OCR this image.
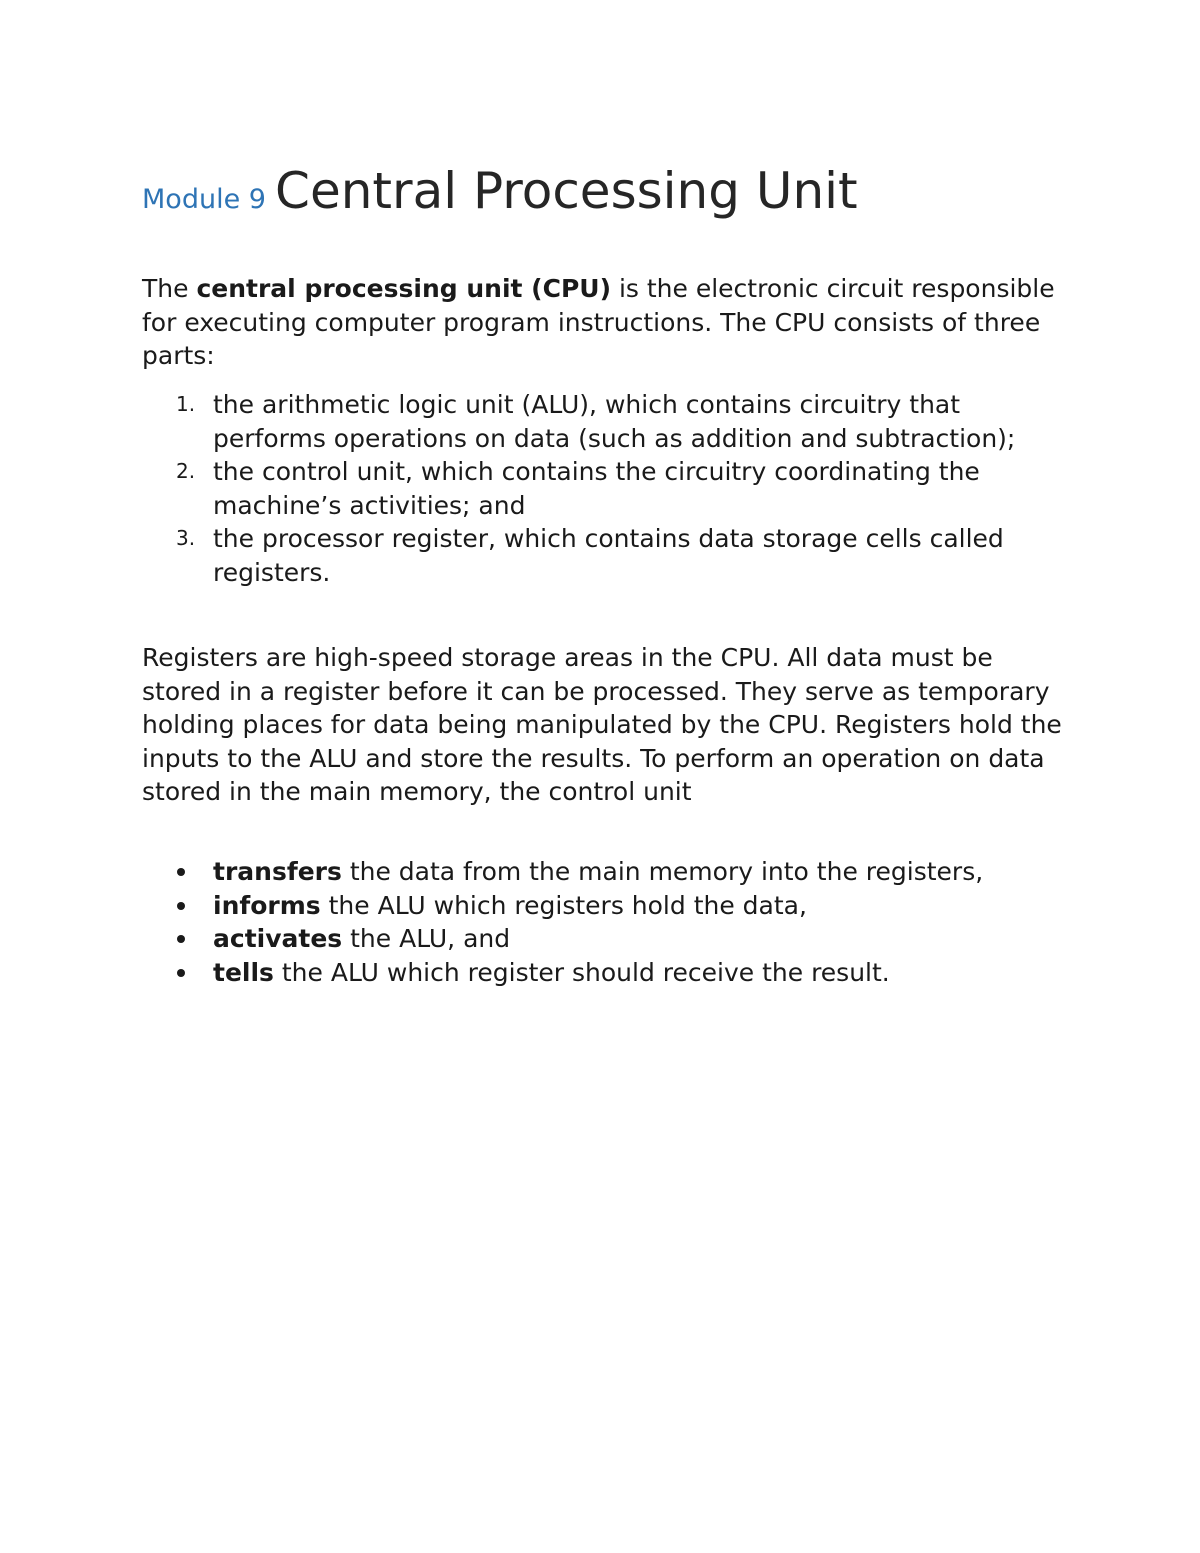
Module 9 Central Processing Unit
The central processing unit (CPU) is the electronic circuit responsible for executing computer program instructions. The CPU consists of three parts:
1. the arithmetic logic unit (ALU), which contains circuitry that performs operations on data (such as addition and subtraction);
2. the control unit, which contains the circuitry coordinating the machine’s activities; and
3. the processor register, which contains data storage cells called registers.
Registers are high-speed storage areas in the CPU. All data must be stored in a register before it can be processed. They serve as temporary holding places for data being manipulated by the CPU. Registers hold the inputs to the ALU and store the results. To perform an operation on data stored in the main memory, the control unit
transfers the data from the main memory into the registers,
informs the ALU which registers hold the data,
activates the ALU, and
tells the ALU which register should receive the result.
